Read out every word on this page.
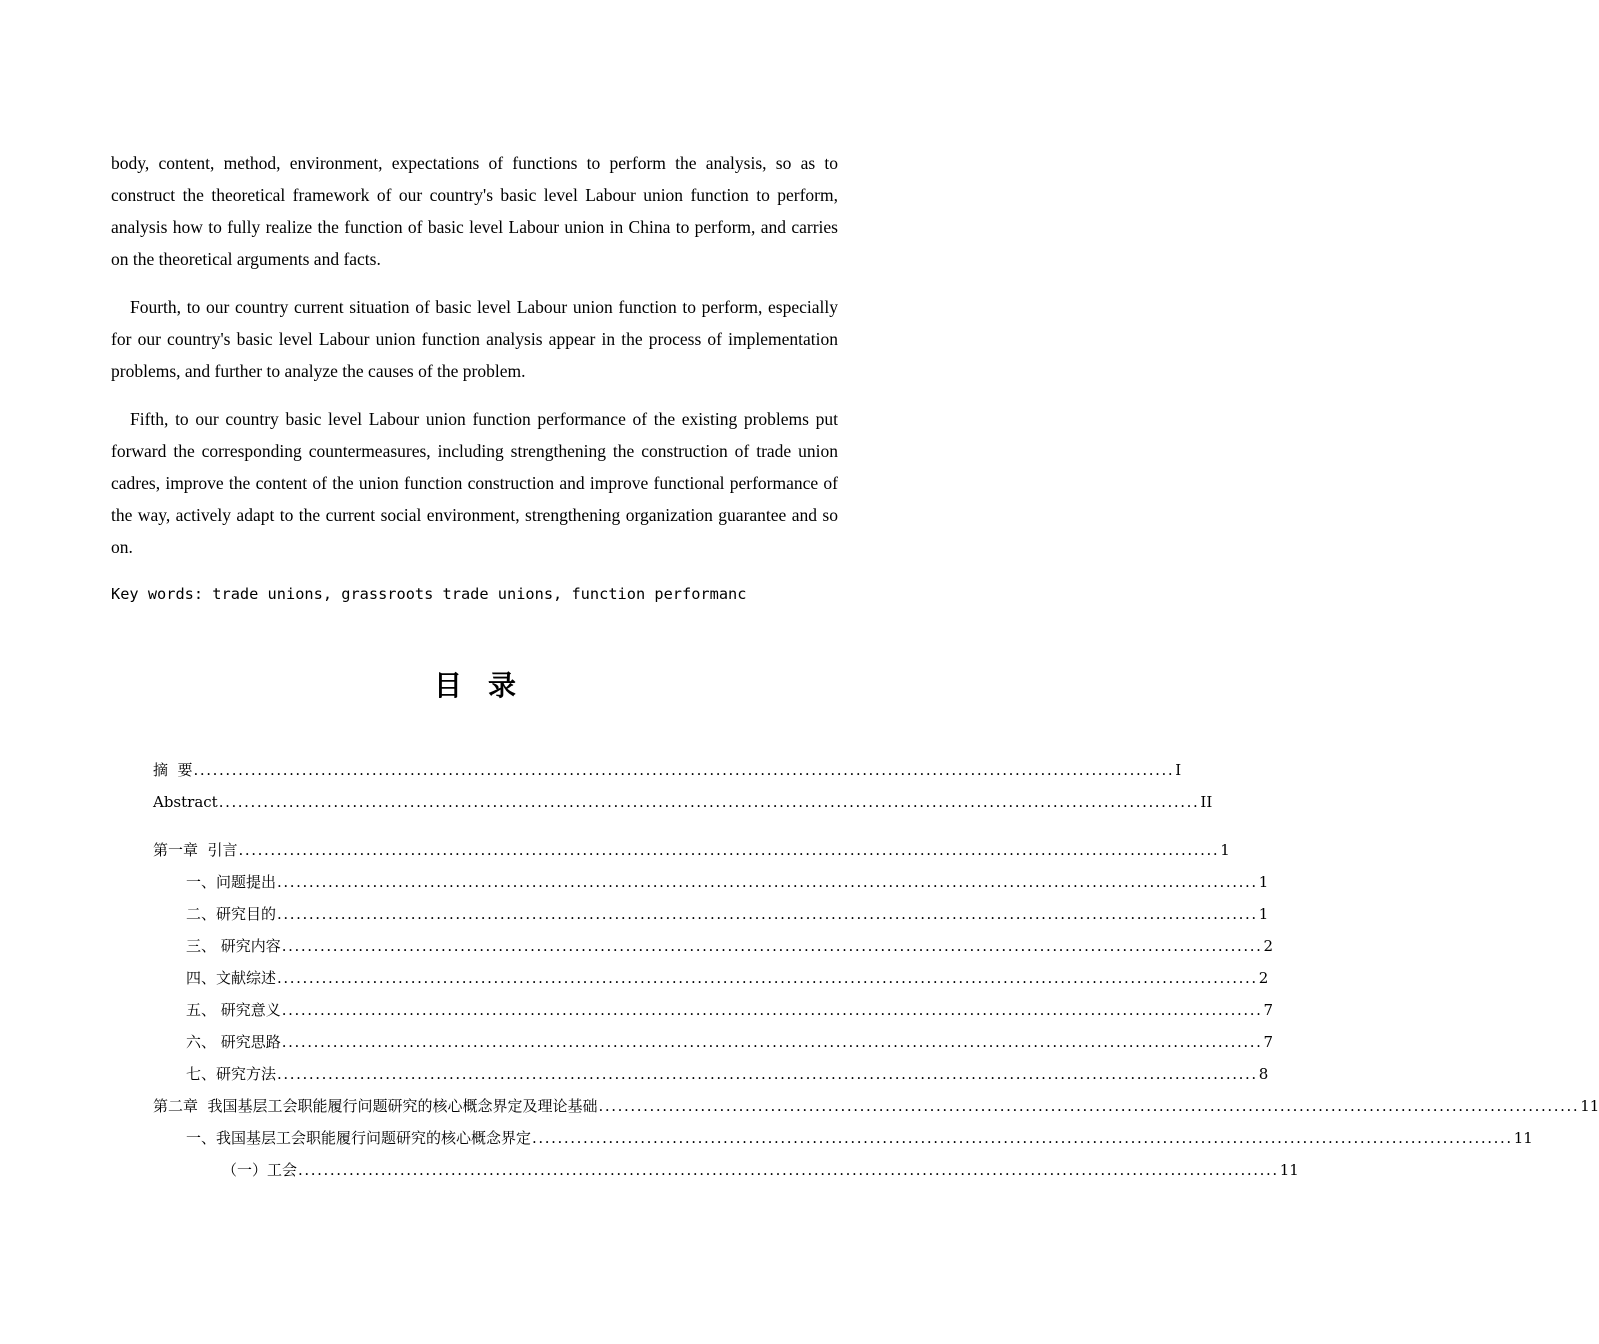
body, content, method, environment, expectations of functions to perform the analysis, so as to construct the theoretical framework of our country's basic level Labour union function to perform, analysis how to fully realize the function of basic level Labour union in China to perform, and carries on the theoretical arguments and facts.

Fourth, to our country current situation of basic level Labour union function to perform, especially for our country's basic level Labour union function analysis appear in the process of implementation problems, and further to analyze the causes of the problem.

Fifth, to our country basic level Labour union function performance of the existing problems put forward the corresponding countermeasures, including strengthening the construction of trade union cadres, improve the content of the union function construction and improve functional performance of the way, actively adapt to the current social environment, strengthening organization guarantee and so on.

Key words: trade unions, grassroots trade unions, function performanc

目录
摘  要 .......................................................................................................................................................... I
Abstract .......................................................................................................................................................... II
第一章  引言 .......................................................................................................................................................... 1
一、问题提出 .......................................................................................................................................................... 1
二、研究目的 .......................................................................................................................................................... 1
三、 研究内容 .......................................................................................................................................................... 2
四、文献综述 .......................................................................................................................................................... 2
五、 研究意义 .......................................................................................................................................................... 7
六、 研究思路 .......................................................................................................................................................... 7
七、研究方法 .......................................................................................................................................................... 8
第二章  我国基层工会职能履行问题研究的核心概念界定及理论基础 .......................................................................................................................................................... 11
一、我国基层工会职能履行问题研究的核心概念界定 .......................................................................................................................................................... 11
（一）工会 .......................................................................................................................................................... 11
